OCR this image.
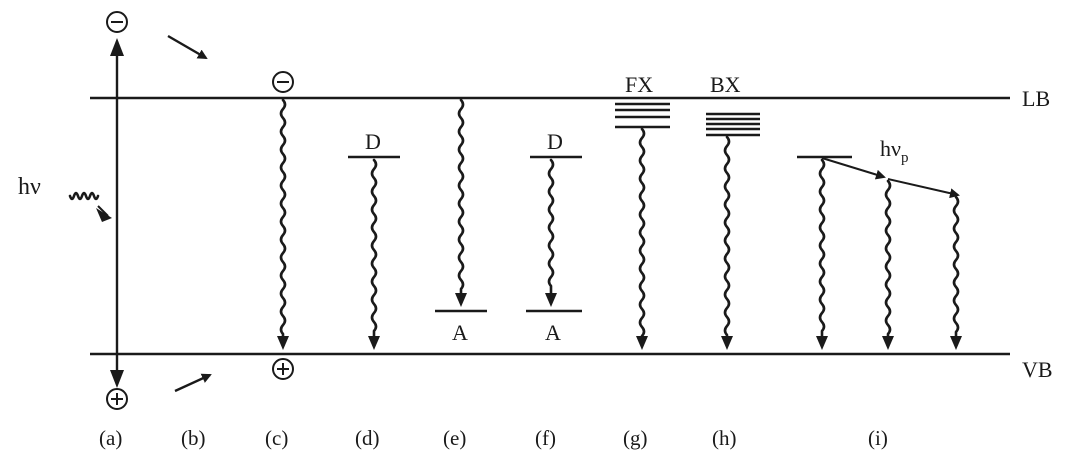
LB
VB
hν
D
A
D
A
FX	BX
$h\nu_p$
(a)	(b)	(c)	(d)	(e)	(f)	(g)	(h)	(i)
